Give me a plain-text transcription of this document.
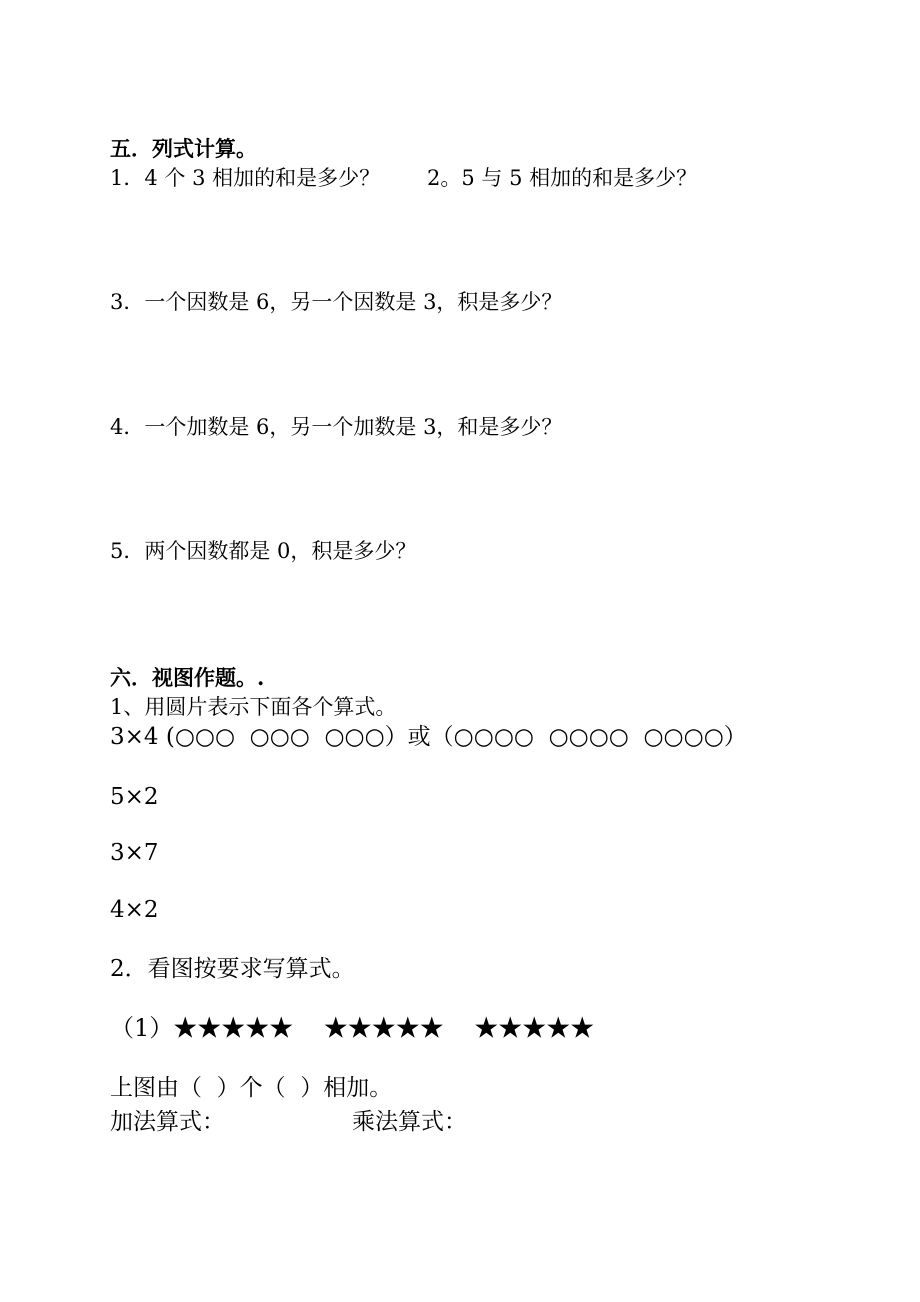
五．列式计算。
1．4 个 3 相加的和是多少？ 2。5 与 5 相加的和是多少？
3．一个因数是 6，另一个因数是 3，积是多少？
4．一个加数是 6，另一个加数是 3，和是多少？
5．两个因数都是 0，积是多少？
六．视图作题。.
1、用圆片表示下面各个算式。
3×4 (○○○  ○○○  ○○○）或（○○○○  ○○○○  ○○○○）
5×2
3×7
4×2
2．看图按要求写算式。
（1）★★★★★    ★★★★★    ★★★★★
上图由（  ）个（  ）相加。
加法算式：	乘法算式：
